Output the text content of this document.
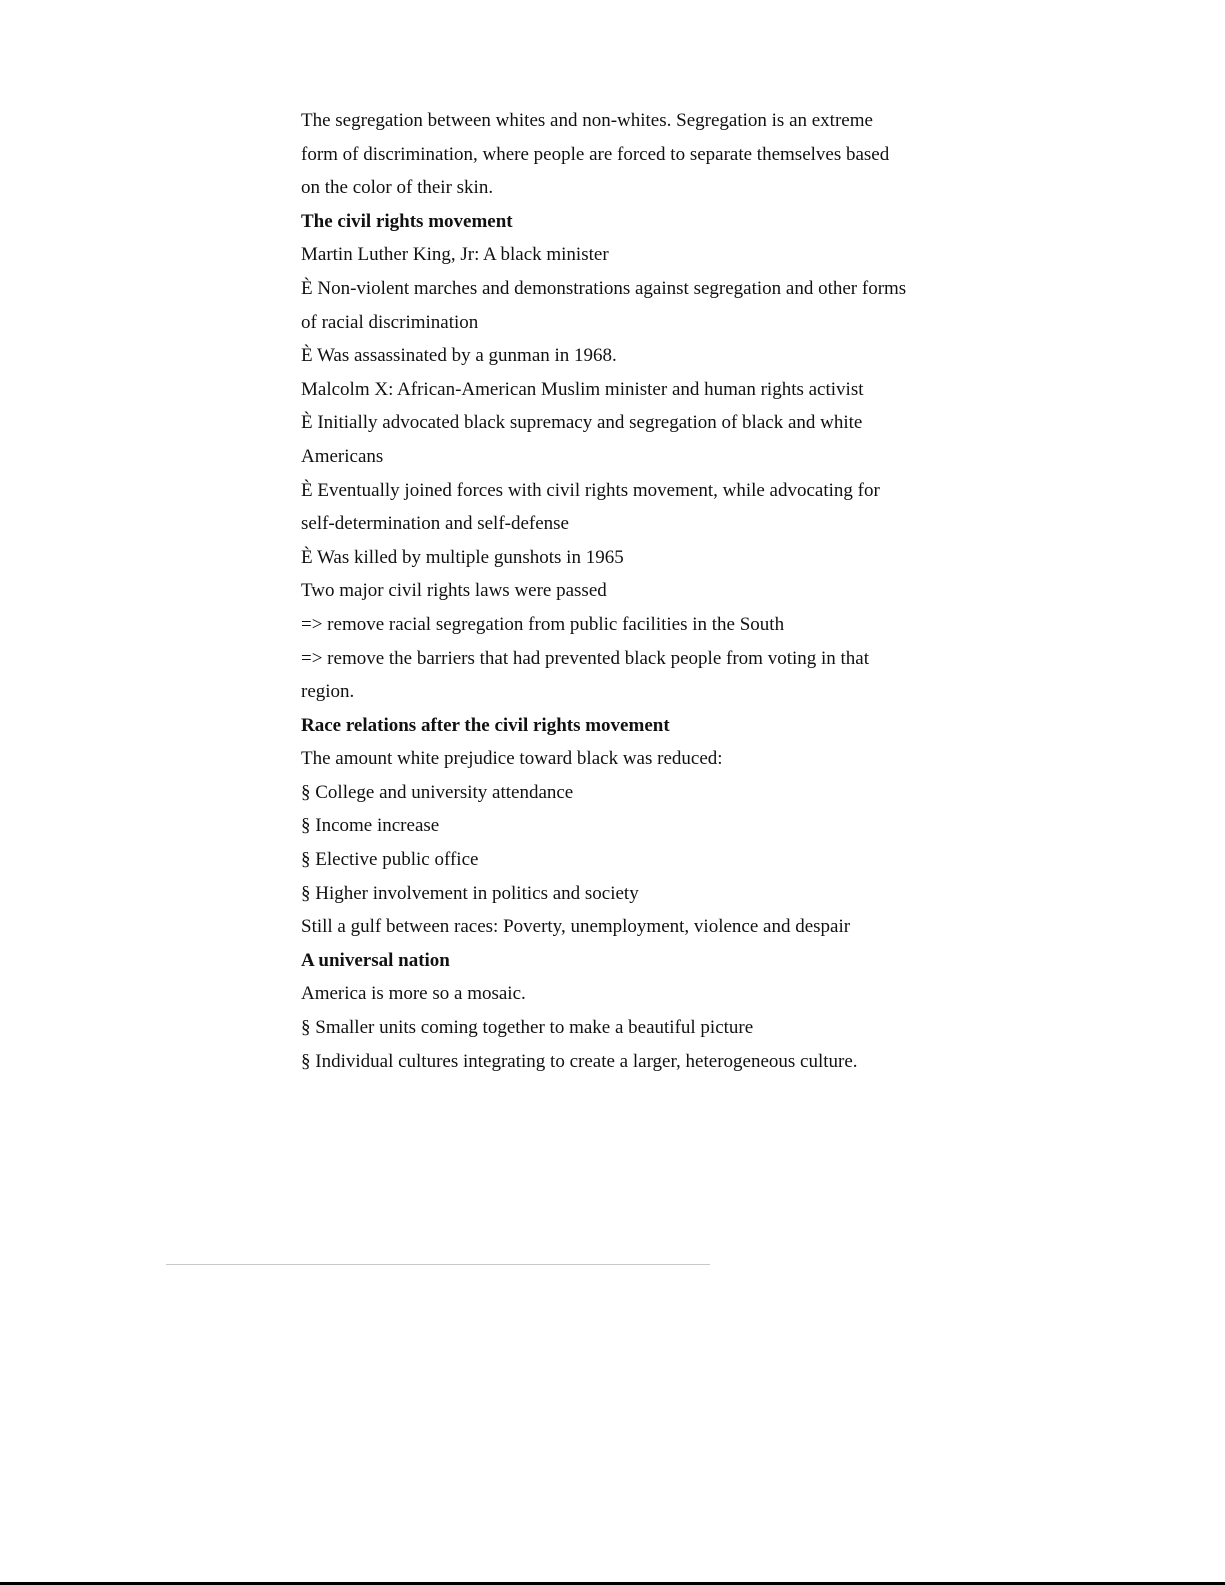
The segregation between whites and non-whites. Segregation is an extreme
form of discrimination, where people are forced to separate themselves based
on the color of their skin.
The civil rights movement
Martin Luther King, Jr: A black minister
È Non-violent marches and demonstrations against segregation and other forms
of racial discrimination
È Was assassinated by a gunman in 1968.
Malcolm X: African-American Muslim minister and human rights activist
È Initially advocated black supremacy and segregation of black and white
Americans
È Eventually joined forces with civil rights movement, while advocating for
self-determination and self-defense
È Was killed by multiple gunshots in 1965
Two major civil rights laws were passed
=> remove racial segregation from public facilities in the South
=> remove the barriers that had prevented black people from voting in that
region.
Race relations after the civil rights movement
The amount white prejudice toward black was reduced:
§ College and university attendance
§ Income increase
§ Elective public office
§ Higher involvement in politics and society
Still a gulf between races: Poverty, unemployment, violence and despair
A universal nation
America is more so a mosaic.
§ Smaller units coming together to make a beautiful picture
§ Individual cultures integrating to create a larger, heterogeneous culture.
